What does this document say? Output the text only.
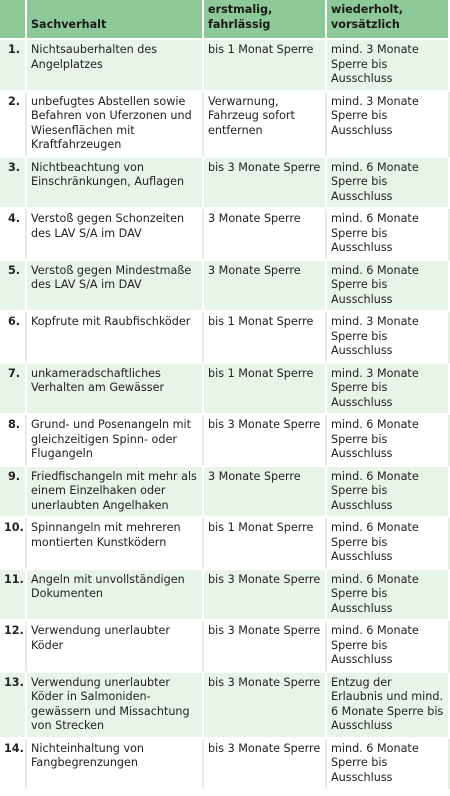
	Sachverhalt	erstmalig, fahrlässig	wiederholt, vorsätzlich
1.	Nichtsauberhalten des Angelplatzes	bis 1 Monat Sperre	mind. 3 Monate Sperre bis Ausschluss
2.	unbefugtes Abstellen sowie Befahren von Uferzonen und Wiesenflächen mit Kraftfahrzeugen	Verwarnung, Fahrzeug sofort entfernen	mind. 3 Monate Sperre bis Ausschluss
3.	Nichtbeachtung von Einschränkungen, Auflagen	bis 3 Monate Sperre	mind. 6 Monate Sperre bis Ausschluss
4.	Verstoß gegen Schonzeiten des LAV S/A im DAV	3 Monate Sperre	mind. 6 Monate Sperre bis Ausschluss
5.	Verstoß gegen Mindestmaße des LAV S/A im DAV	3 Monate Sperre	mind. 6 Monate Sperre bis Ausschluss
6.	Kopfrute mit Raubfischköder	bis 1 Monat Sperre	mind. 3 Monate Sperre bis Ausschluss
7.	unkameradschaftliches Verhalten am Gewässer	bis 1 Monat Sperre	mind. 3 Monate Sperre bis Ausschluss
8.	Grund- und Posenangeln mit gleichzeitigen Spinn- oder Flugangeln	bis 3 Monate Sperre	mind. 6 Monate Sperre bis Ausschluss
9.	Friedfischangeln mit mehr als einem Einzelhaken oder unerlaubten Angelhaken	3 Monate Sperre	mind. 6 Monate Sperre bis Ausschluss
10.	Spinnangeln mit mehreren montierten Kunstködern	bis 1 Monat Sperre	mind. 6 Monate Sperre bis Ausschluss
11.	Angeln mit unvollständigen Dokumenten	bis 3 Monate Sperre	mind. 6 Monate Sperre bis Ausschluss
12.	Verwendung unerlaubter Köder	bis 3 Monate Sperre	mind. 6 Monate Sperre bis Ausschluss
13.	Verwendung unerlaubter Köder in Salmoniden-gewässern und Missachtung von Strecken	bis 3 Monate Sperre	Entzug der Erlaubnis und mind. 6 Monate Sperre bis Ausschluss
14.	Nichteinhaltung von Fangbegrenzungen	bis 3 Monate Sperre	mind. 6 Monate Sperre bis Ausschluss
